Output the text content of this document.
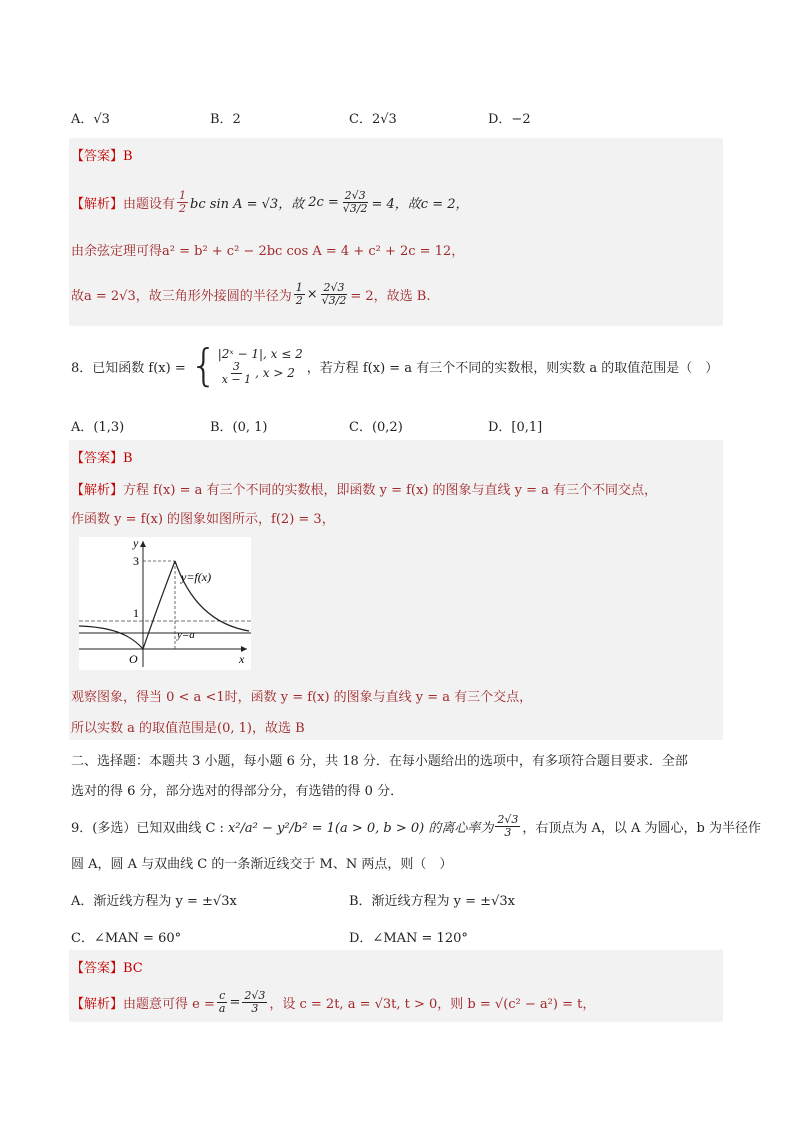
A．√3	B．2	C．2√3	D．−2
【答案】B
【解析】 由题设有 $\frac{1}{2}$ bc sin A = √3，故 $2c = \frac{2√3}{√3/2} = 4$，故c = 2，
由余弦定理可得a² = b² + c² − 2bc cos A = 4 + c² + 2c = 12，
故a = 2√3，故三角形外接圆的半径为 $\frac{1}{2} \times \frac{2√3}{√3/2} = 2$，故选 B.
8．已知函数 f(x) = { |2ˣ − 1|, x ≤ 2
$\frac{3}{x - 1}$ , x > 2 ，若方程 f(x) = a 有三个不同的实数根，则实数 a 的取值范围是（　）
A．(1,3)	B．(0, 1)	C．(0,2)	D．[0,1]
【答案】B
【解析】方程 f(x) = a 有三个不同的实数根，即函数 y = f(x) 的图象与直线 y = a 有三个不同交点，
作函数 y = f(x) 的图象如图所示，f(2) = 3，
y
x
O
3
1
y=f(x)
y=a
观察图象，得当 0 < a <1时，函数 y = f(x) 的图象与直线 y = a 有三个交点，
所以实数 a 的取值范围是(0, 1)，故选 B
二、选择题：本题共 3 小题，每小题 6 分，共 18 分．在每小题给出的选项中，有多项符合题目要求．全部
选对的得 6 分，部分选对的得部分分，有选错的得 0 分．
9．(多选）已知双曲线 C : x²/a² − y²/b² = 1(a > 0, b > 0) 的离心率为 $\frac{2√3}{3}$ ，右顶点为 A，以 A 为圆心，b 为半径作
圆 A，圆 A 与双曲线 C 的一条渐近线交于 M、N 两点，则（　）
A．渐近线方程为 y = ±√3x	B．渐近线方程为 y = ±√3x
C．∠MAN = 60°	D．∠MAN = 120°
【答案】BC
【解析】 由题意可得 $e = \frac{c}{a} = \frac{2√3}{3}$ ，设 c = 2t, a = √3t, t > 0，则 b = √(c² − a²) = t，
